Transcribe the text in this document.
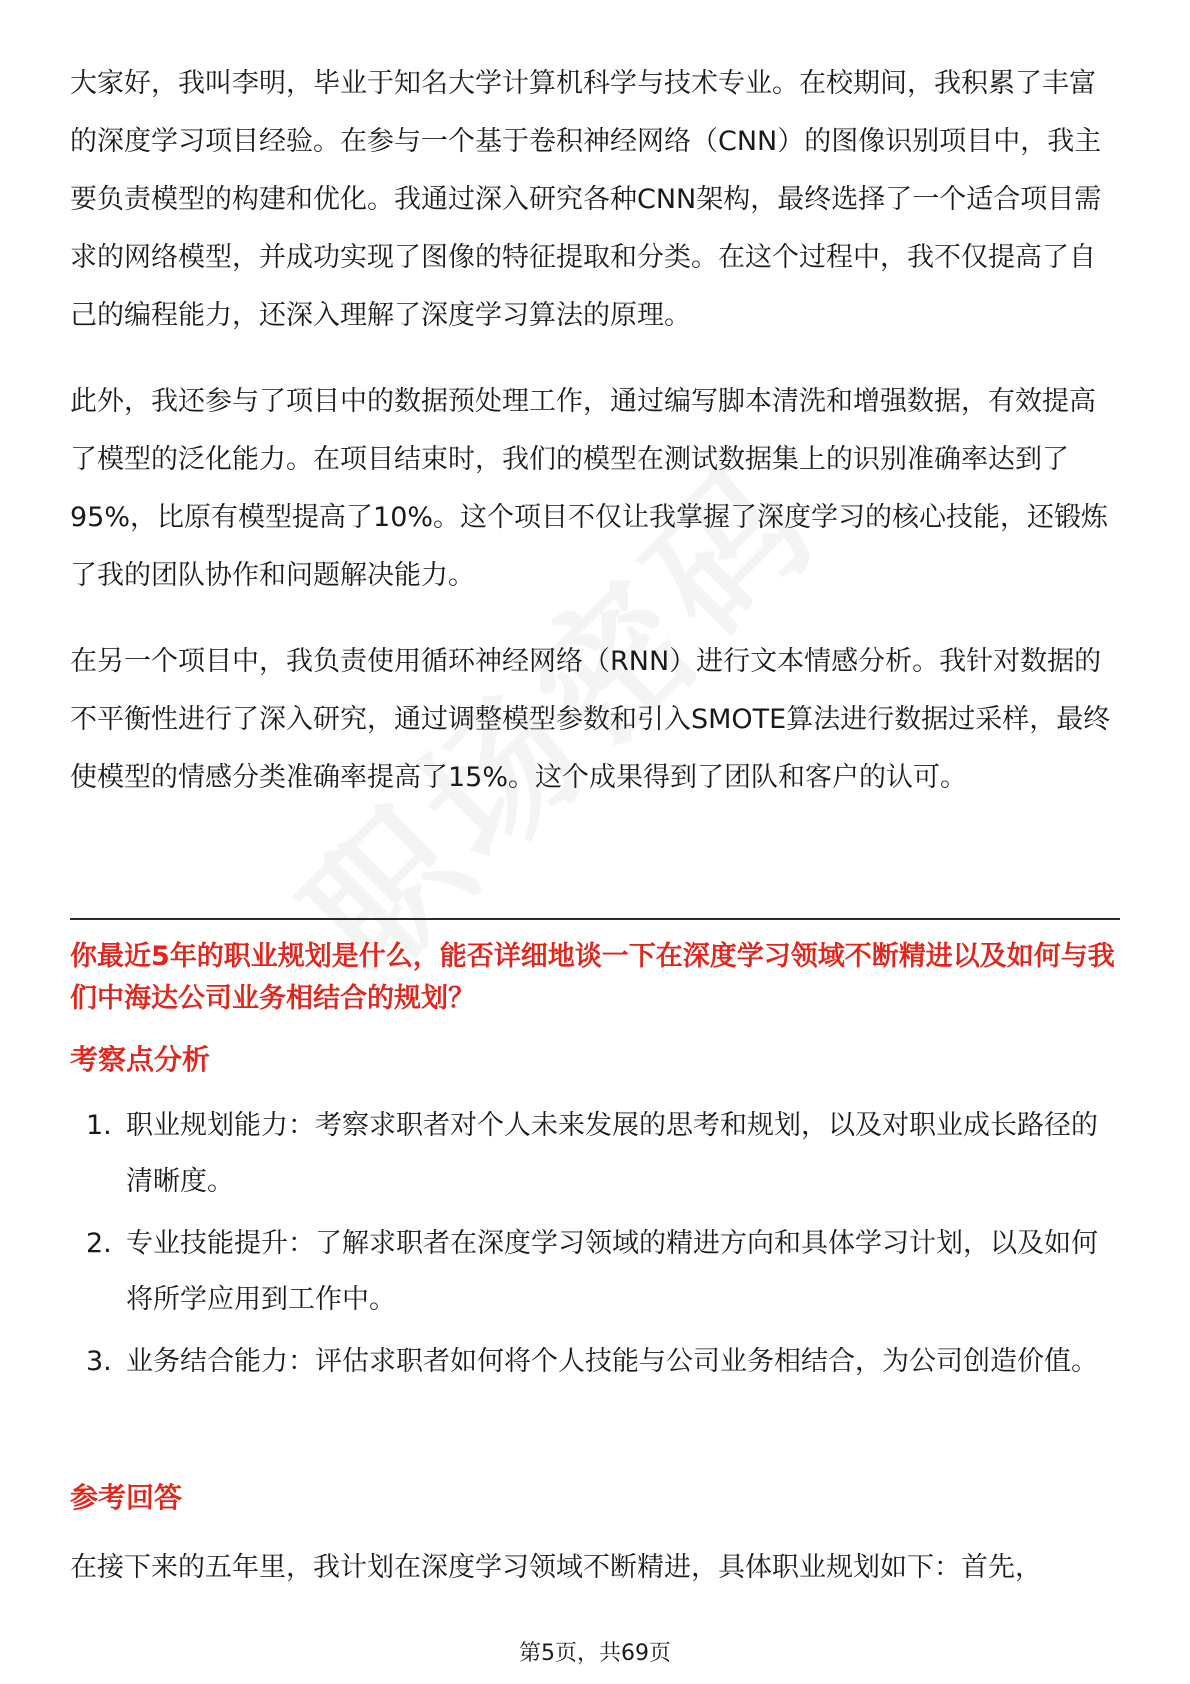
大家好，我叫李明，毕业于知名大学计算机科学与技术专业。在校期间，我积累了丰富的深度学习项目经验。在参与一个基于卷积神经网络（CNN）的图像识别项目中，我主要负责模型的构建和优化。我通过深入研究各种CNN架构，最终选择了一个适合项目需求的网络模型，并成功实现了图像的特征提取和分类。在这个过程中，我不仅提高了自己的编程能力，还深入理解了深度学习算法的原理。

此外，我还参与了项目中的数据预处理工作，通过编写脚本清洗和增强数据，有效提高了模型的泛化能力。在项目结束时，我们的模型在测试数据集上的识别准确率达到了95%，比原有模型提高了10%。这个项目不仅让我掌握了深度学习的核心技能，还锻炼了我的团队协作和问题解决能力。

在另一个项目中，我负责使用循环神经网络（RNN）进行文本情感分析。我针对数据的不平衡性进行了深入研究，通过调整模型参数和引入SMOTE算法进行数据过采样，最终使模型的情感分类准确率提高了15%。这个成果得到了团队和客户的认可。

你最近5年的职业规划是什么，能否详细地谈一下在深度学习领域不断精进以及如何与我们中海达公司业务相结合的规划？

考察点分析
1. 职业规划能力：考察求职者对个人未来发展的思考和规划，以及对职业成长路径的清晰度。
2. 专业技能提升：了解求职者在深度学习领域的精进方向和具体学习计划，以及如何将所学应用到工作中。
3. 业务结合能力：评估求职者如何将个人技能与公司业务相结合，为公司创造价值。
参考回答

在接下来的五年里，我计划在深度学习领域不断精进，具体职业规划如下：首先，

第5页，共69页
